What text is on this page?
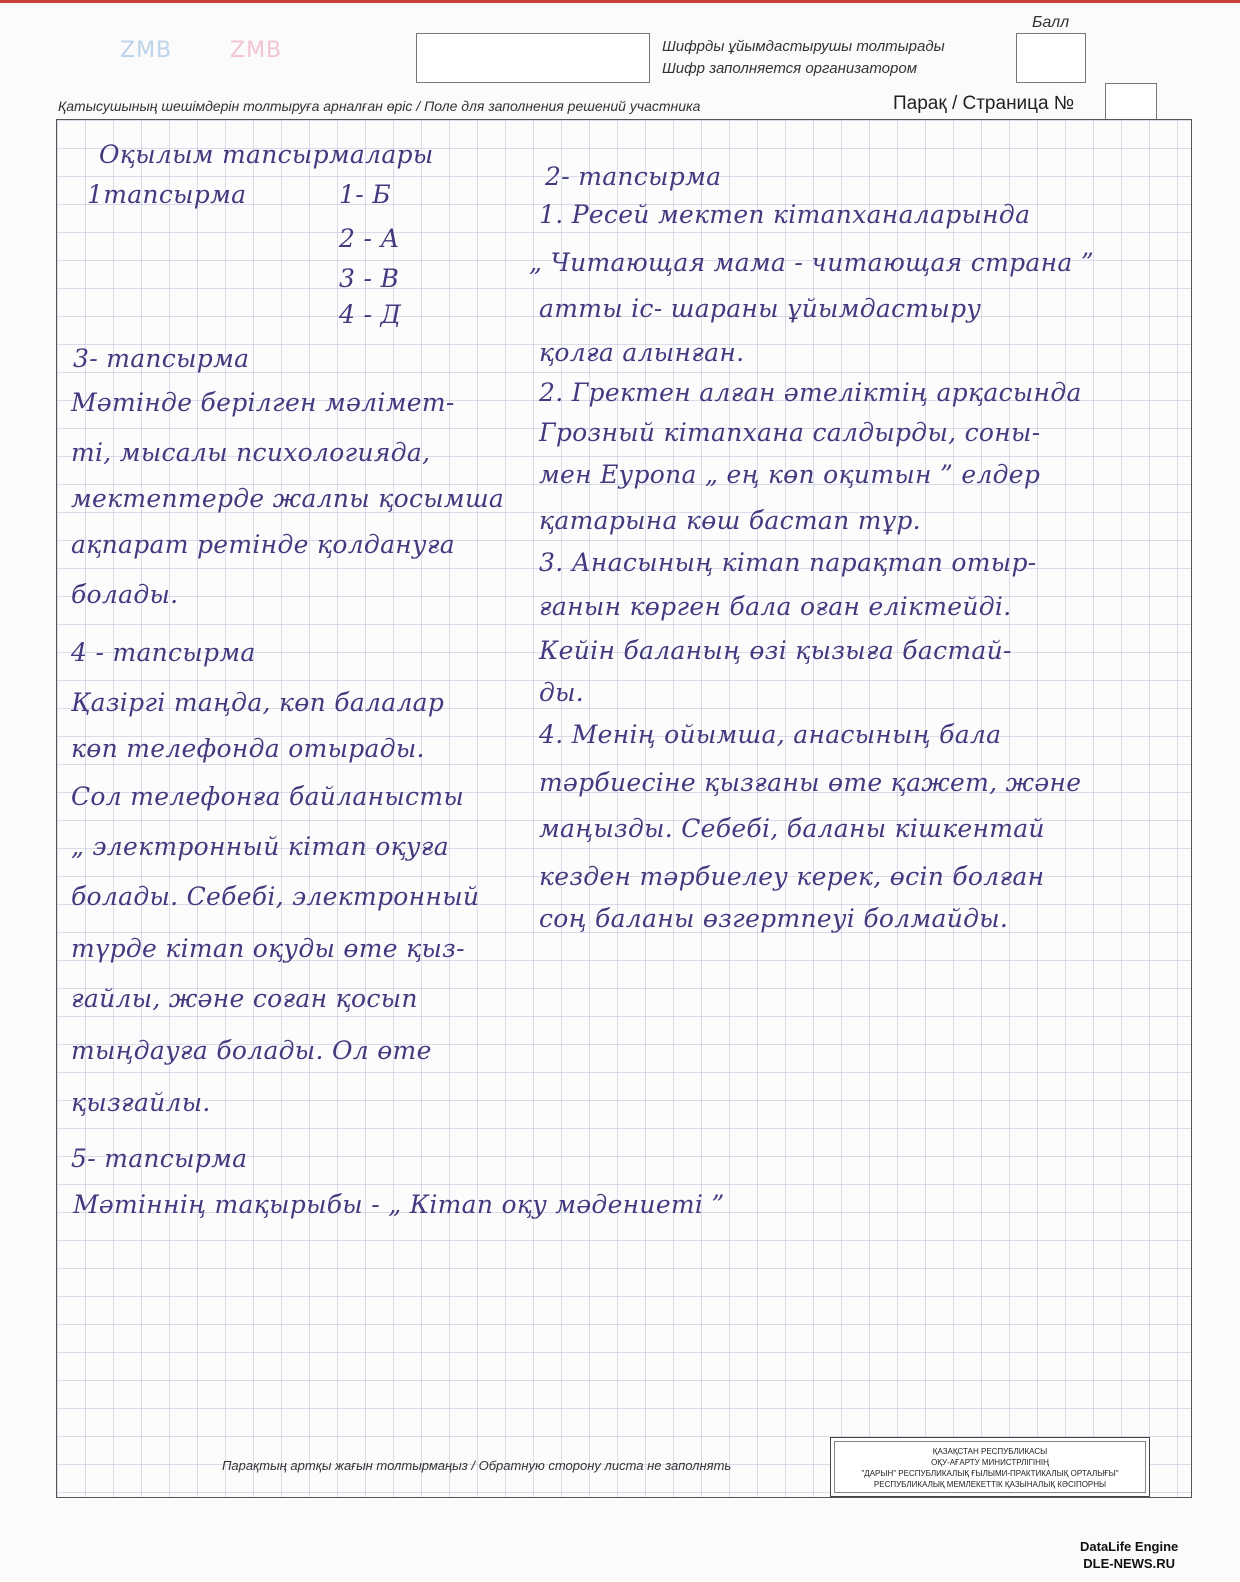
ZMB	ZMB	Шифрды ұйымдастырушы толтырады
Шифр заполняется организатором
Балл
Қатысушының шешімдерін толтыруға арналған өріс / Поле для заполнения решений участника	Парақ / Страница №
Оқылым тапсырмалары
1тапсырма	1- Б
2 - А
3 - В
4 - Д
3- тапсырма
Мәтінде берілген мәлімет-
ті, мысалы психологияда,
мектептерде жалпы қосымша
ақпарат ретінде қолдануға
болады.
4 - тапсырма
Қазіргі таңда, көп балалар
көп телефонда отырады.
Сол телефонға байланысты
„ электронный кітап оқуға
болады. Себебі, электронный
түрде кітап оқуды өте қыз-
ғайлы, және соған қосып
тыңдауға болады. Ол өте
қызғайлы.
5- тапсырма
Мәтіннің тақырыбы - „ Кітап оқу мәдениеті ”
2- тапсырма
1. Ресей мектеп кітапханаларында
„ Читающая мама - читающая страна ”
атты іс- шараны ұйымдастыру
қолға алынған.
2. Гректен алған әтеліктің арқасында
Грозный кітапхана салдырды, соны-
мен Еуропа „ ең көп оқитын ” елдер
қатарына көш бастап тұр.
3. Анасының кітап парақтап отыр-
ғанын көрген бала оған еліктейді.
Кейін баланың өзі қызыға бастай-
ды.
4. Менің ойымша, анасының бала
тәрбиесіне қызғаны өте қажет, және
маңызды. Себебі, баланы кішкентай
кезден тәрбиелеу керек, өсіп болған
соң баланы өзгертпеуі болмайды.
Парақтың артқы жағын толтырмаңыз / Обратную сторону листа не заполнять
ҚАЗАҚСТАН РЕСПУБЛИКАСЫ
ОҚУ-АҒАРТУ МИНИСТРЛІГІНІҢ
"ДАРЫН" РЕСПУБЛИКАЛЫҚ ҒЫЛЫМИ-ПРАКТИКАЛЫҚ ОРТАЛЫҒЫ"
РЕСПУБЛИКАЛЫҚ МЕМЛЕКЕТТІК ҚАЗЫНАЛЫҚ КӘСІПОРНЫ
DataLife Engine
DLE-NEWS.RU
